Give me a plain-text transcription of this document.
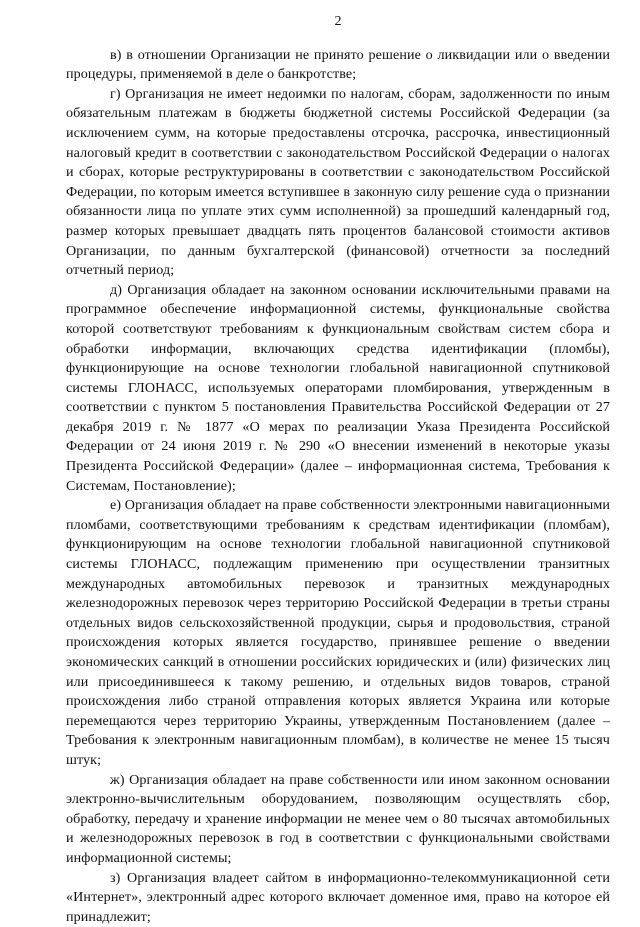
2

в) в отношении Организации не принято решение о ликвидации или о введении процедуры, применяемой в деле о банкротстве;

г) Организация не имеет недоимки по налогам, сборам, задолженности по иным обязательным платежам в бюджеты бюджетной системы Российской Федерации (за исключением сумм, на которые предоставлены отсрочка, рассрочка, инвестиционный налоговый кредит в соответствии с законодательством Российской Федерации о налогах и сборах, которые реструктурированы в соответствии с законодательством Российской Федерации, по которым имеется вступившее в законную силу решение суда о признании обязанности лица по уплате этих сумм исполненной) за прошедший календарный год, размер которых превышает двадцать пять процентов балансовой стоимости активов Организации, по данным бухгалтерской (финансовой) отчетности за последний отчетный период;

д) Организация обладает на законном основании исключительными правами на программное обеспечение информационной системы, функциональные свойства которой соответствуют требованиям к функциональным свойствам систем сбора и обработки информации, включающих средства идентификации (пломбы), функционирующие на основе технологии глобальной навигационной спутниковой системы ГЛОНАСС, используемых операторами пломбирования, утвержденным в соответствии с пунктом 5 постановления Правительства Российской Федерации от 27 декабря 2019 г. № 1877 «О мерах по реализации Указа Президента Российской Федерации от 24 июня 2019 г. № 290 «О внесении изменений в некоторые указы Президента Российской Федерации» (далее – информационная система, Требования к Системам, Постановление);

е) Организация обладает на праве собственности электронными навигационными пломбами, соответствующими требованиям к средствам идентификации (пломбам), функционирующим на основе технологии глобальной навигационной спутниковой системы ГЛОНАСС, подлежащим применению при осуществлении транзитных международных автомобильных перевозок и транзитных международных железнодорожных перевозок через территорию Российской Федерации в третьи страны отдельных видов сельскохозяйственной продукции, сырья и продовольствия, страной происхождения которых является государство, принявшее решение о введении экономических санкций в отношении российских юридических и (или) физических лиц или присоединившееся к такому решению, и отдельных видов товаров, страной происхождения либо страной отправления которых является Украина или которые перемещаются через территорию Украины, утвержденным Постановлением (далее – Требования к электронным навигационным пломбам), в количестве не менее 15 тысяч штук;

ж) Организация обладает на праве собственности или ином законном основании электронно-вычислительным оборудованием, позволяющим осуществлять сбор, обработку, передачу и хранение информации не менее чем о 80 тысячах автомобильных и железнодорожных перевозок в год в соответствии с функциональными свойствами информационной системы;

з) Организация владеет сайтом в информационно-телекоммуникационной сети «Интернет», электронный адрес которого включает доменное имя, право на которое ей принадлежит;
